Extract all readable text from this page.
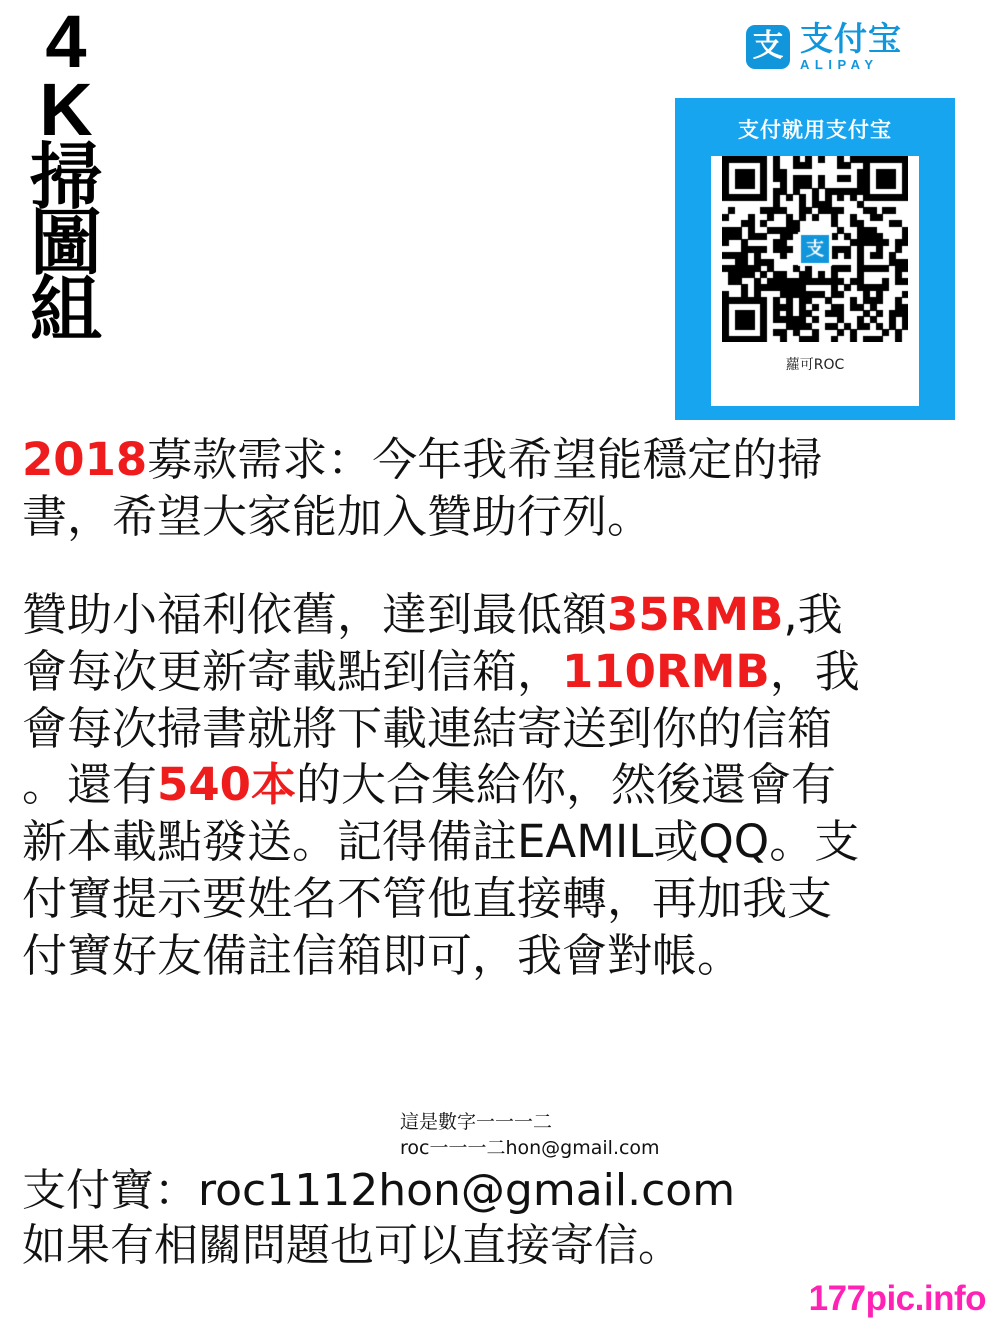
4
K
掃
圖
組
支 支付宝
ALIPAY
支付就用支付宝
蘿可ROC
2018募款需求：今年我希望能穩定的掃
書，希望大家能加入贊助行列。
贊助小福利依舊，達到最低額35RMB,我
會每次更新寄載點到信箱，110RMB，我
會每次掃書就將下載連結寄送到你的信箱
。還有540本的大合集給你，然後還會有
新本載點發送。記得備註EAMIL或QQ。支
付寶提示要姓名不管他直接轉，再加我支
付寶好友備註信箱即可，我會對帳。
這是數字一一一二
roc一一一二hon@gmail.com
支付寶：roc1112hon@gmail.com
如果有相關問題也可以直接寄信。
177pic.info
